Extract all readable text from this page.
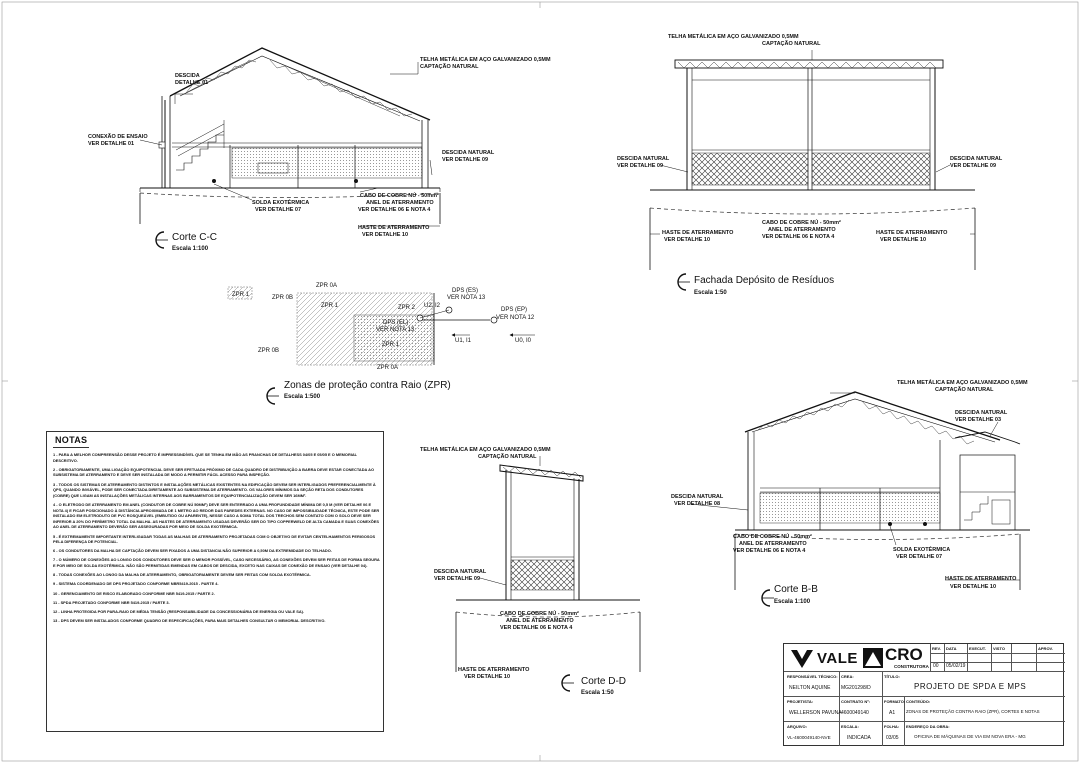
DESCIDA
DETALHE 01
CONEXÃO DE ENSAIO
VER DETALHE 01
TELHA METÁLICA EM AÇO GALVANIZADO 0,5MM
CAPTAÇÃO NATURAL
DESCIDA NATURAL
VER DETALHE 09
SOLDA EXOTÉRMICA
VER DETALHE 07
CABO DE COBRE NÚ - 50mm²
ANEL DE ATERRAMENTO
VER DETALHE 06 E NOTA 4
HASTE DE ATERRAMENTO
VER DETALHE 10
Corte C-C
Escala 1:100
TELHA METÁLICA EM AÇO GALVANIZADO 0,5MM
CAPTAÇÃO NATURAL
DESCIDA NATURAL
VER DETALHE 09
DESCIDA NATURAL
VER DETALHE 09
CABO DE COBRE NÚ - 50mm²
ANEL DE ATERRAMENTO
VER DETALHE 06 E NOTA 4
HASTE DE ATERRAMENTO
VER DETALHE 10
HASTE DE ATERRAMENTO
VER DETALHE 10
Fachada Depósito de Resíduos
Escala 1:50
ZPR 0A
ZPR 1	ZPR 0B
ZPR 1	ZPR 2 U2, I2
DPS (ES)
VER NOTA 13
DPS (EP)
VER NOTA 12
DPS (EL)
VER NOTA 13
ZPR 1
U1, I1	U0, I0
ZPR 0B
ZPR 0A
Zonas de proteção contra Raio (ZPR)
Escala 1:500
TELHA METÁLICA EM AÇO GALVANIZADO 0,5MM
CAPTAÇÃO NATURAL
DESCIDA NATURAL
VER DETALHE 09
CABO DE COBRE NÚ - 50mm²
ANEL DE ATERRAMENTO
VER DETALHE 06 E NOTA 4
HASTE DE ATERRAMENTO
VER DETALHE 10	Corte D-D
Escala 1:50
TELHA METÁLICA EM AÇO GALVANIZADO 0,5MM
CAPTAÇÃO NATURAL
DESCIDA NATURAL
VER DETALHE 03
DESCIDA NATURAL
VER DETALHE 08
CABO DE COBRE NÚ - 50mm²
ANEL DE ATERRAMENTO
VER DETALHE 06 E NOTA 4	SOLDA EXOTÉRMICA
VER DETALHE 07
HASTE DE ATERRAMENTO
VER DETALHE 10
Corte B-B
Escala 1:100
NOTAS
1 - PARA A MELHOR COMPREENSÃO DESSE PROJETO É IMPRESSINDÍVEL QUE SE TENHA EM MÃO AS PRANCHAS DE DETALHESS 04/05 E 05/05 E O MEMORIAL DESCRITIVO.
2 - OBRIGATORIAMENTE, UMA LIGAÇÃO EQUIPOTENCIAL DEVE SER EFETUADA PRÓXIMO DE CADA QUADRO DE DISTRIBUIÇÃO A BARRA DEVE ESTAR CONECTADA AO SUBSISTEMA DE ATERRAMENTO E DEVE SER INSTALADA DE MODO A PERMITIR FÁCIL ACESSO PARA INSPEÇÃO.
3 - TODOS OS SISTEMAS DE ATERRAMENTO DISTINTOS E INSTALAÇÕES METÁLICAS EXISTENTES NA EDIFICAÇÃO DEVEM SER INTERLIGADOS PREFERENCIALMENTE À QPS, QUANDO INVIÁVEL, PODE SER CONECTADA DIRETAMENTE AO SUBSISTEMA DE ATERRAMENTO. OS VALORES MÍNIMOS DA SEÇÃO RETA DOS CONDUTORES (COBRE) QUE LIGAM AS INSTALAÇÕES METÁLICAS INTERNAS AOS BARRAMENTOS DE EQUIPOTENCIALIZAÇÃO DEVEM SER 16MM².
4 - O ELETRODO DE ATERRAMENTO EM ANEL (CONDUTOR DE COBRE NÚ 50MM²) DEVE SER ENTERRADO A UMA PROFUNDIDADE MÍNIMA DE 0,5 M (VER DETALHE 06 E NOTA 4) E FICAR POSICIONADO À DISTÂNCIA APROXIMADA DE 1 METRO AO REDOR DAS PAREDES EXTERNAS. NO CASO DE IMPOSSIBILIDADE TÉCNICA, ESTE PODE SER INSTALADO EM ELETRODUTO DE PVC ROSQUEÁVEL (EMBUTIDO OU APARENTE), NESSE CASO A SOMA TOTAL DOS TRECHOS SEM CONTATO COM O SOLO DEVE SER INFERIOR A 20% DO PERÍMETRO TOTAL DA MALHA. AS HASTES DE ATERRAMENTO USADAS DEVERÃO SER DO TIPO COPPERWELD DE ALTA CAMADA E SUAS CONEXÕES AO ANEL DE ATERRAMENTO DEVERÃO SER ASSEGURADAS POR MEIO DE SOLDA EXOTÉRMICA.
5 - É EXTREMAMENTE IMPORTANTE INTERLIGADAR TODAS AS MALHAS DE ATERRAMENTO PROJETADAS COM O OBJETIVO DE EVITAR CENTELHAMENTOS PERIGOSOS PELA DIFERENÇA DE POTENCIAL.
6 - OS CONDUTORES DA MALHA DE CAPTAÇÃO DEVEM SER FIXADOS A UMA DISTANCIA NÃO SUPERIOR A 0,50M DA EXTREMIDADE DO TELHADO.
7 - O NÚMERO DE CONEXÕES AO LONGO DOS CONDUTORES DEVE SER O MENOR POSSÍVEL, CASO NECESSÁRIO, AS CONEXÕES DEVEM SER FEITAS DE FORMA SEGURA E POR MEIO DE SOLDA EXOTÉRMICA. NÃO SÃO PERMITIDAS EMENDAS EM CABOS DE DESCIDA, EXCETO NAS CAIXAS DE CONEXÃO DE ENSAIO (VER DETALHE 04).
8 - TODAS CONEXÕES AO LONGO DA MALHA DE ATERRAMENTO, OBRIGATORIAMENTE DEVEM SER FEITAS COM SOLDA EXOTÉRMICA.
9 - SISTEMA COORDENADO DE DPS PROJETADO CONFORME NBR5419-2015 - PARTE 4.
10 - GERENCIAMENTO DE RISCO ELABORADO CONFORME NBR 5419-2015 / PARTE 2.
11 - SPDA PROJETADO CONFORME NBR 5419-2015 / PARTE 3.
12 - LINHA PROTEGIDA POR PARA-RAIO DE MÉDIA TENSÃO (RESPONSABILIDADE DA CONCESSIONÁRIA DE ENERGIA OU VALE SA).
13 - DPS DEVEM SER INSTALADOS CONFORME QUADRO DE ESPECIFICAÇÕES, PARA MAIS DETALHES CONSULTAR O MEMORIAL DESCRITIVO.
VALE CRO
CONSTRUTORA
REV. DATA	EXECUT. VISTO	APROV.
00 05/02/19
RESPONSÁVEL TÉCNICO:
NEILTON AQUINE
CREA:
MG201298/D
TÍTULO:
PROJETO DE SPDA E MPS
PROJETISTA:
WELLERSON PAVUNA
CONTRATO Nº:
4600049140
FORMATO:
A1
CONTEÚDO:
ZONAS DE PROTEÇÃO CONTRA RAIO (ZPR), CORTES E NOTAS
ARQUIVO:
VL-4600049140-NVE
ESCALA:
INDICADA
FOLHA:
03/05
ENDEREÇO DA OBRA:
OFICINA DE MÁQUINAS DE VIA EM NOVA ERA - MG
